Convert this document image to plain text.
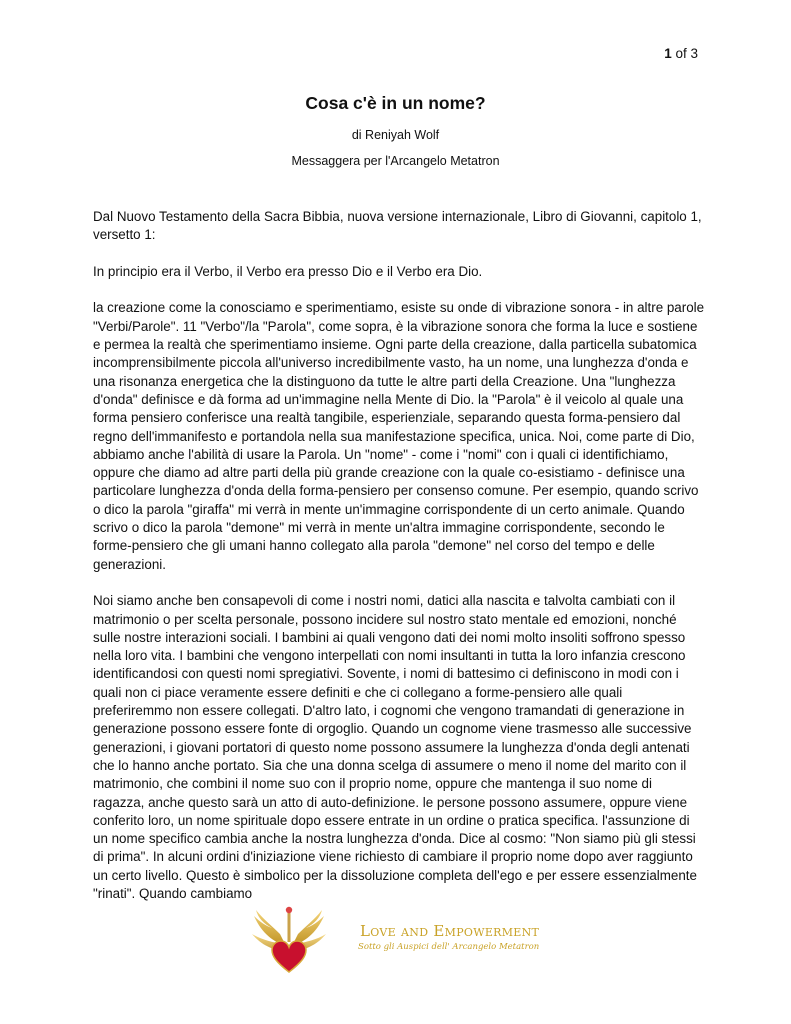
1 of 3
Cosa c'è in un nome?
di Reniyah Wolf
Messaggera per l'Arcangelo Metatron

Dal Nuovo Testamento della Sacra Bibbia, nuova versione internazionale, Libro di Giovanni, capitolo 1, versetto 1:

In principio era il Verbo, il Verbo era presso Dio e il Verbo era Dio.

la creazione come la conosciamo e sperimentiamo, esiste su onde di vibrazione sonora - in altre parole "Verbi/Parole". 11 "Verbo"/la "Parola", come sopra, è la vibrazione sonora che forma la luce e sostiene e permea la realtà che sperimentiamo insieme. Ogni parte della creazione, dalla particella subatomica incomprensibilmente piccola all'universo incredibilmente vasto, ha un nome, una lunghezza d'onda e una risonanza energetica che la distinguono da tutte le altre parti della Creazione. Una "lunghezza d'onda" definisce e dà forma ad un'immagine nella Mente di Dio. la "Parola" è il veicolo al quale una forma pensiero conferisce una realtà tangibile, esperienziale, separando questa forma-pensiero dal regno dell'immanifesto e portandola nella sua manifestazione specifica, unica. Noi, come parte di Dio, abbiamo anche l'abilità di usare la Parola. Un "nome" - come i "nomi" con i quali ci identifichiamo, oppure che diamo ad altre parti della più grande creazione con la quale co-esistiamo - definisce una particolare lunghezza d'onda della forma-pensiero per consenso comune. Per esempio, quando scrivo o dico la parola "giraffa" mi verrà in mente un'immagine corrispondente di un certo animale. Quando scrivo o dico la parola "demone" mi verrà in mente un'altra immagine corrispondente, secondo le forme-pensiero che gli umani hanno collegato alla parola "demone" nel corso del tempo e delle generazioni.

Noi siamo anche ben consapevoli di come i nostri nomi, datici alla nascita e talvolta cambiati con il matrimonio o per scelta personale, possono incidere sul nostro stato mentale ed emozioni, nonché sulle nostre interazioni sociali. I bambini ai quali vengono dati dei nomi molto insoliti soffrono spesso nella loro vita. I bambini che vengono interpellati con nomi insultanti in tutta la loro infanzia crescono identificandosi con questi nomi spregiativi. Soventе, i nomi di battesimo ci definiscono in modi con i quali non ci piace veramente essere definiti e che ci collegano a forme-pensiero alle quali preferiremmo non essere collegati. D'altro lato, i cognomi che vengono tramandati di generazione in generazione possono essere fonte di orgoglio. Quando un cognome viene trasmesso alle successive generazioni, i giovani portatori di questo nome possono assumere la lunghezza d'onda degli antenati che lo hanno anche portato. Sia che una donna scelga di assumere o meno il nome del marito con il matrimonio, che combini il nome suo con il proprio nome, oppure che mantenga il suo nome di ragazza, anche questo sarà un atto di auto-definizione. le persone possono assumere, oppure viene conferito loro, un nome spirituale dopo essere entrate in un ordine o pratica specifica. l'assunzione di un nome specifico cambia anche la nostra lunghezza d'onda. Dice al cosmo: "Non siamo più gli stessi di prima". In alcuni ordini d'iniziazione viene richiesto di cambiare il proprio nome dopo aver raggiunto un certo livello. Questo è simbolico per la dissoluzione completa dell'ego e per essere essenzialmente "rinati". Quando cambiamo

Love and Empowerment
Sotto gli Auspici dell' Arcangelo Metatron
